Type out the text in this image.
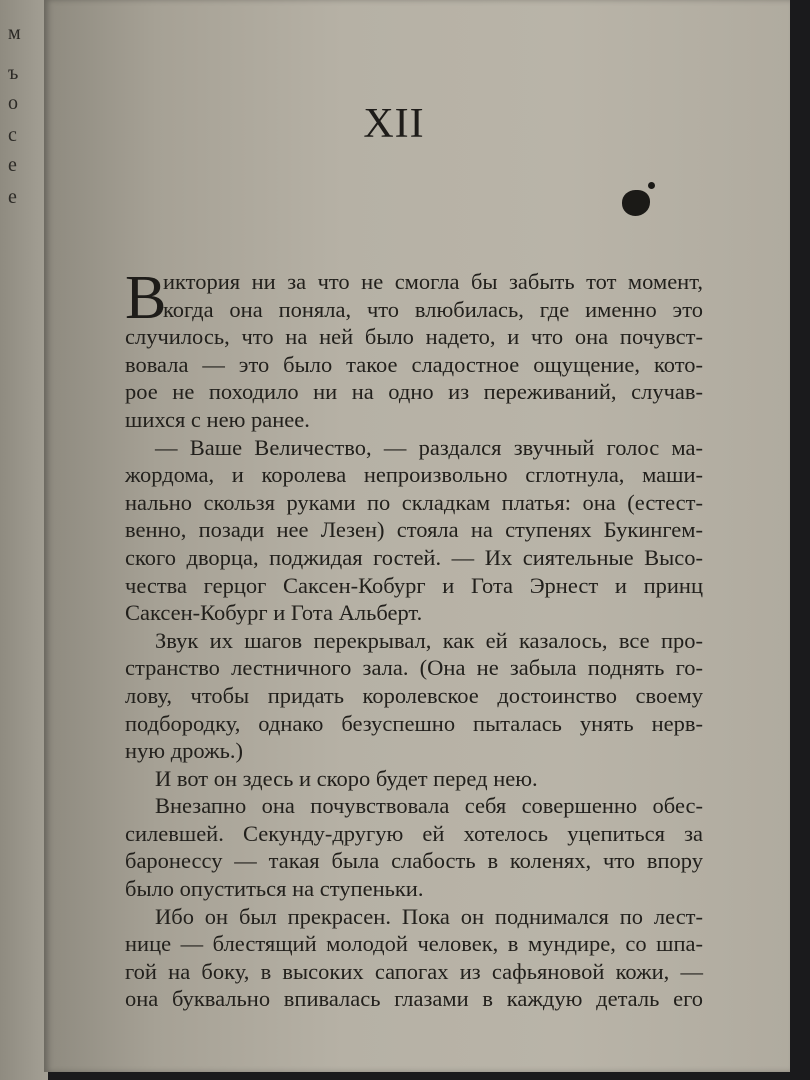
м
ъ
о
с
е
е
XII
В
иктория ни за что не смогла бы забыть тот момент,
когда она поняла, что влюбилась, где именно это
случилось, что на ней было надето, и что она почувст-
вовала — это было такое сладостное ощущение, кото-
рое не походило ни на одно из переживаний, случав-
шихся с нею ранее.
— Ваше Величество, — раздался звучный голос ма-
жордома, и королева непроизвольно сглотнула, маши-
нально скользя руками по складкам платья: она (естест-
венно, позади нее Лезен) стояла на ступенях Букингем-
ского дворца, поджидая гостей. — Их сиятельные Высо-
чества герцог Саксен-Кобург и Гота Эрнест и принц
Саксен-Кобург и Гота Альберт.
Звук их шагов перекрывал, как ей казалось, все про-
странство лестничного зала. (Она не забыла поднять го-
лову, чтобы придать королевское достоинство своему
подбородку, однако безуспешно пыталась унять нерв-
ную дрожь.)
И вот он здесь и скоро будет перед нею.
Внезапно она почувствовала себя совершенно обес-
силевшей. Секунду-другую ей хотелось уцепиться за
баронессу — такая была слабость в коленях, что впору
было опуститься на ступеньки.
Ибо он был прекрасен. Пока он поднимался по лест-
нице — блестящий молодой человек, в мундире, со шпа-
гой на боку, в высоких сапогах из сафьяновой кожи, —
она буквально впивалась глазами в каждую деталь его
